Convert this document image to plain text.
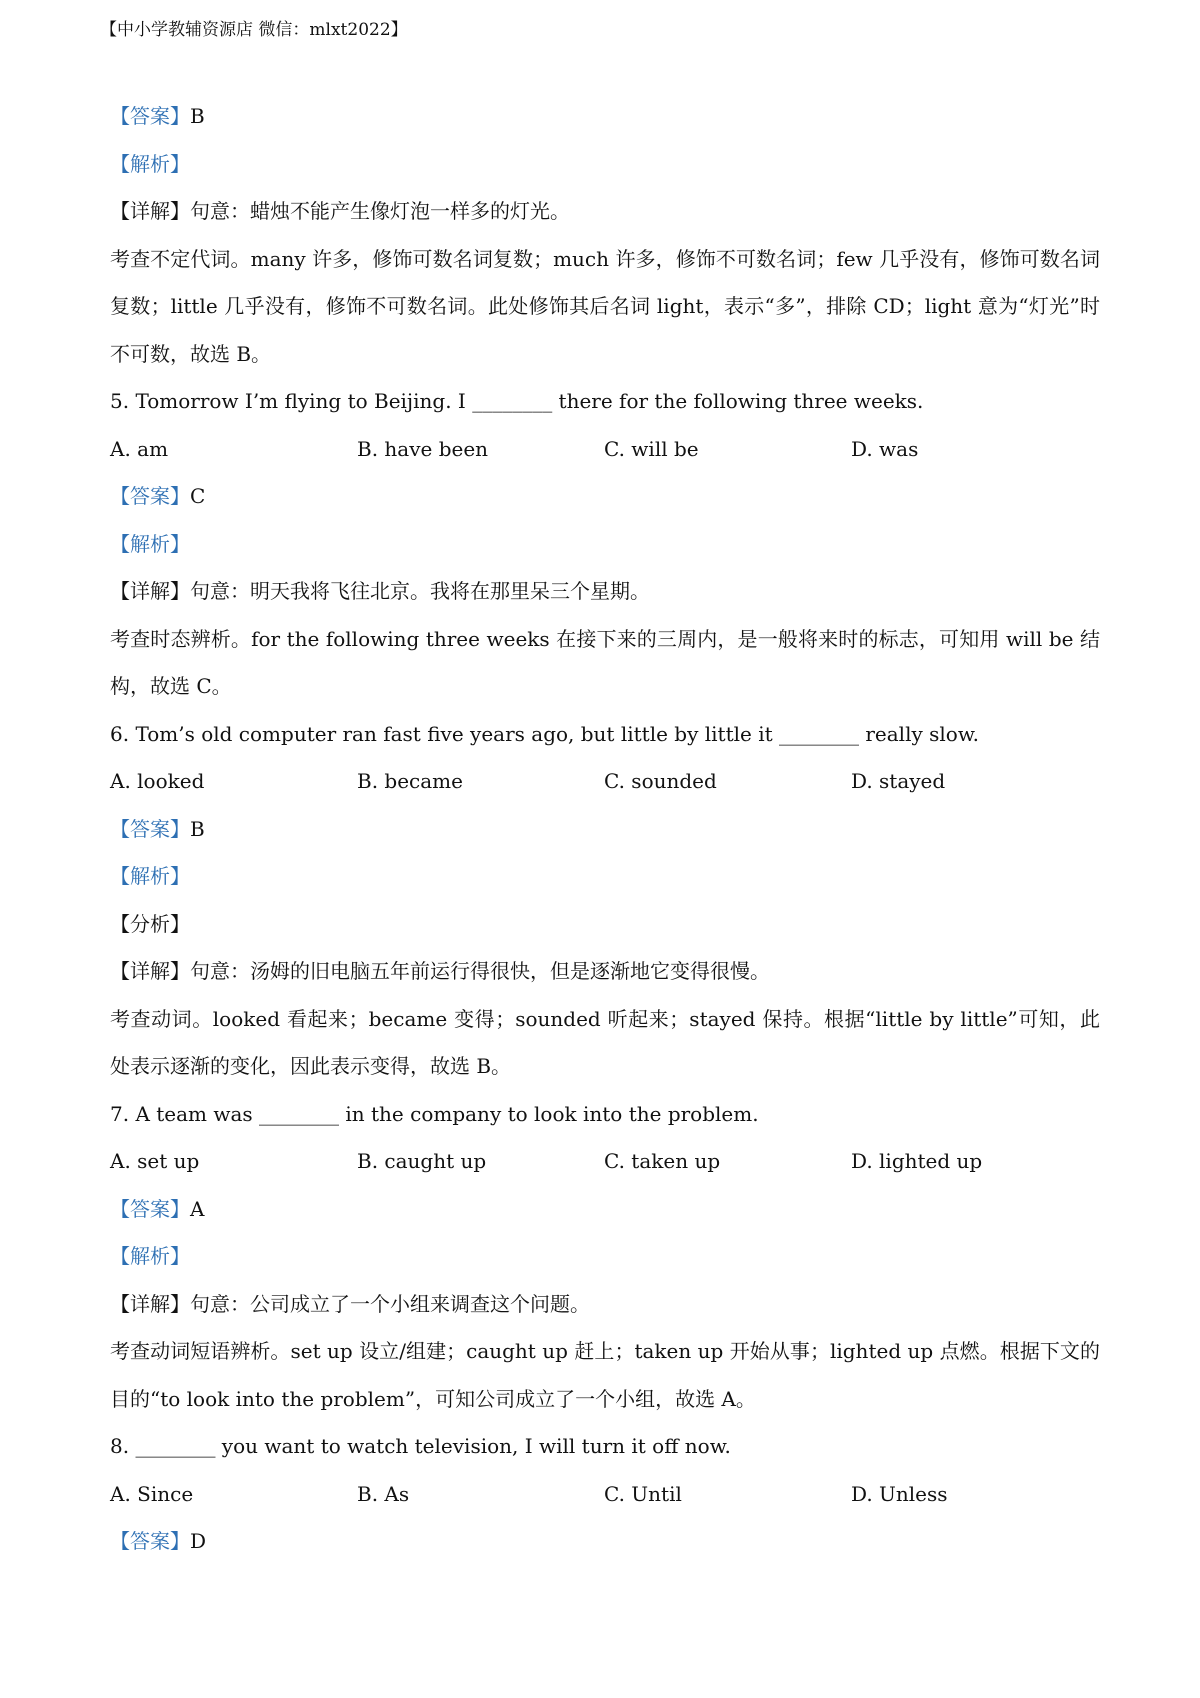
【中小学教辅资源店 微信：mlxt2022】
【答案】B
【解析】
【详解】句意：蜡烛不能产生像灯泡一样多的灯光。
考查不定代词。many 许多，修饰可数名词复数；much 许多，修饰不可数名词；few 几乎没有，修饰可数名词复数；little 几乎没有，修饰不可数名词。此处修饰其后名词 light，表示“多”，排除 CD；light 意为“灯光”时不可数，故选 B。
5. Tomorrow I’m flying to Beijing. I ________ there for the following three weeks.
A. am	B. have been	C. will be	D. was
【答案】C
【解析】
【详解】句意：明天我将飞往北京。我将在那里呆三个星期。
考查时态辨析。for the following three weeks 在接下来的三周内，是一般将来时的标志，可知用 will be 结构，故选 C。
6. Tom’s old computer ran fast five years ago, but little by little it ________ really slow.
A. looked	B. became	C. sounded	D. stayed
【答案】B
【解析】
【分析】
【详解】句意：汤姆的旧电脑五年前运行得很快，但是逐渐地它变得很慢。
考查动词。looked 看起来；became 变得；sounded 听起来；stayed 保持。根据“little by little”可知，此处表示逐渐的变化，因此表示变得，故选 B。
7. A team was ________ in the company to look into the problem.
A. set up	B. caught up	C. taken up	D. lighted up
【答案】A
【解析】
【详解】句意：公司成立了一个小组来调查这个问题。
考查动词短语辨析。set up 设立/组建；caught up 赶上；taken up 开始从事；lighted up 点燃。根据下文的目的“to look into the problem”，可知公司成立了一个小组，故选 A。
8. ________ you want to watch television, I will turn it off now.
A. Since	B. As	C. Until	D. Unless
【答案】D
